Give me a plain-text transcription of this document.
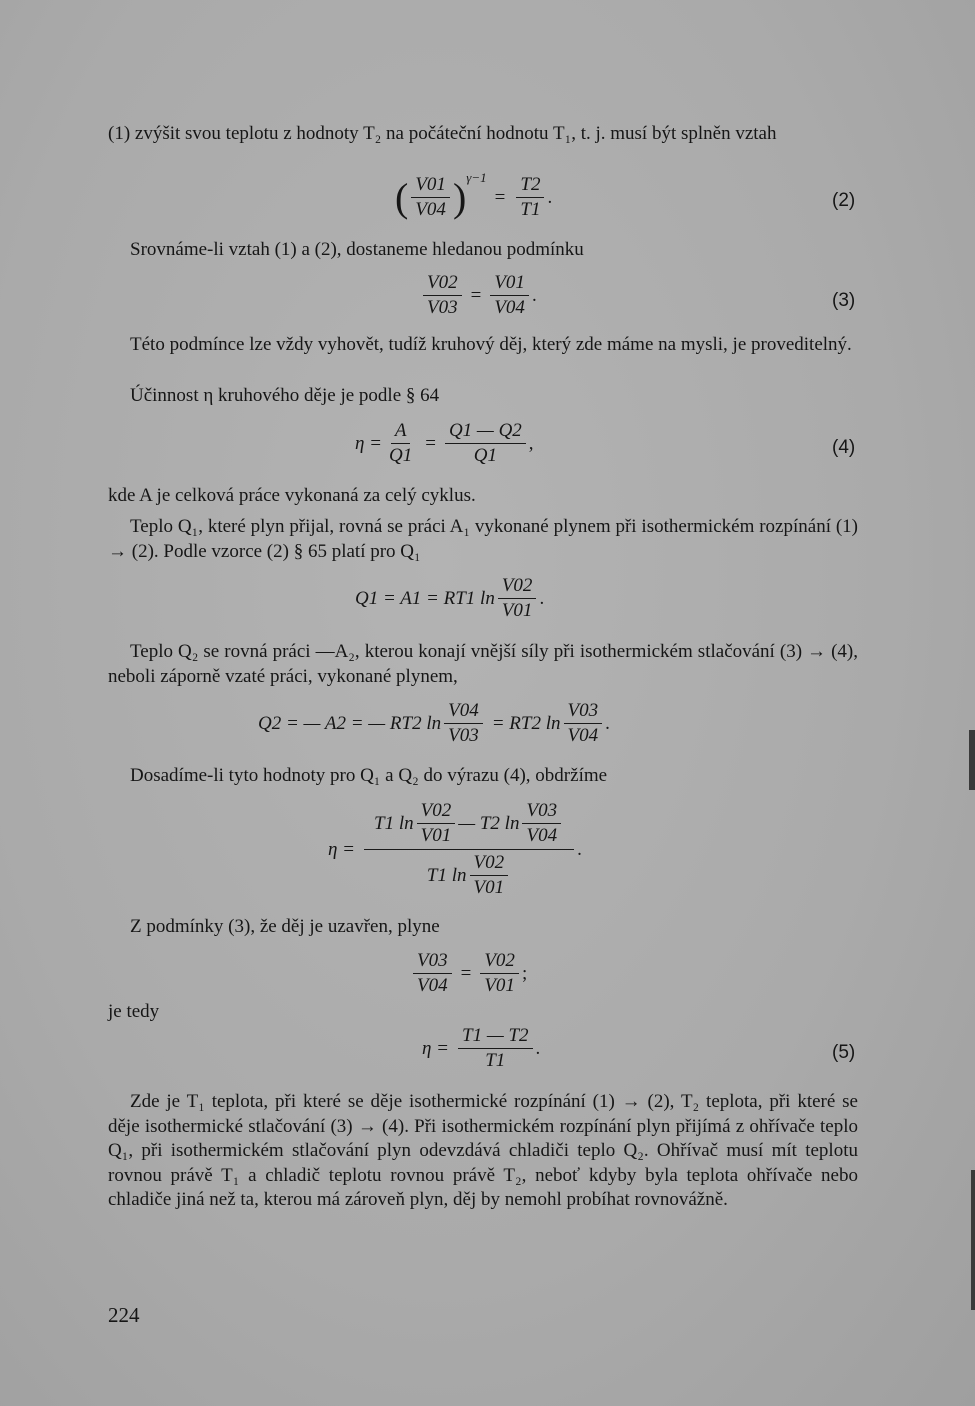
(1) zvýšit svou teplotu z hodnoty T₂ na počáteční hodnotu T₁, t. j. musí být splněn vztah
( $\frac{V01}{V04}$ ) γ−1
= $\frac{T2}{T1}$ .	(2)
Srovnáme-li vztah (1) a (2), dostaneme hledanou podmínku
$\frac{V02}{V03} = \frac{V01}{V04}$ .	(3)
Této podmínce lze vždy vyhovět, tudíž kruhový děj, který zde máme na mysli, je proveditelný.
Účinnost η kruhového děje je podle § 64
$\eta = \frac{A}{Q1} = \frac{Q1 — Q2}{Q1}$ ,	(4)
kde A je celková práce vykonaná za celý cyklus.
Teplo Q₁, které plyn přijal, rovná se práci A₁ vykonané plynem při isothermickém rozpínání (1) → (2). Podle vzorce (2) § 65 platí pro Q₁
Q1 = A1 = RT1 $\ln \frac{V02}{V01}$ .
Teplo Q₂ se rovná práci —A₂, kterou konají vnější síly při isothermickém stlačování (3) → (4), neboli záporně vzaté práci, vykonané plynem,
Q2 = — A2 = — RT2 $\ln \frac{V04}{V03} = RT2$ $\ln \frac{V03}{V04}$ .
Dosadíme-li tyto hodnoty pro Q₁ a Q₂ do výrazu (4), obdržíme
η =
T1 $\ln \frac{V02}{V01}$ — T2 $\ln \frac{V03}{V04}$
T1 $\ln \frac{V02}{V01}$
.
Z podmínky (3), že děj je uzavřen, plyne
$\frac{V03}{V04} = \frac{V02}{V01}$ ;
je tedy
$\eta = \frac{T1 — T2}{T1}$ .	(5)
Zde je T₁ teplota, při které se děje isothermické rozpínání (1) → (2), T₂ teplota, při které se děje isothermické stlačování (3) → (4). Při isothermickém rozpínání plyn přijímá z ohřívače teplo Q₁, při isothermickém stlačování plyn odevzdává chladiči teplo Q₂. Ohřívač musí mít teplotu rovnou právě T₁ a chladič teplotu rovnou právě T₂, neboť kdyby byla teplota ohřívače nebo chladiče jiná než ta, kterou má zároveň plyn, děj by nemohl probíhat rovnovážně.
224
